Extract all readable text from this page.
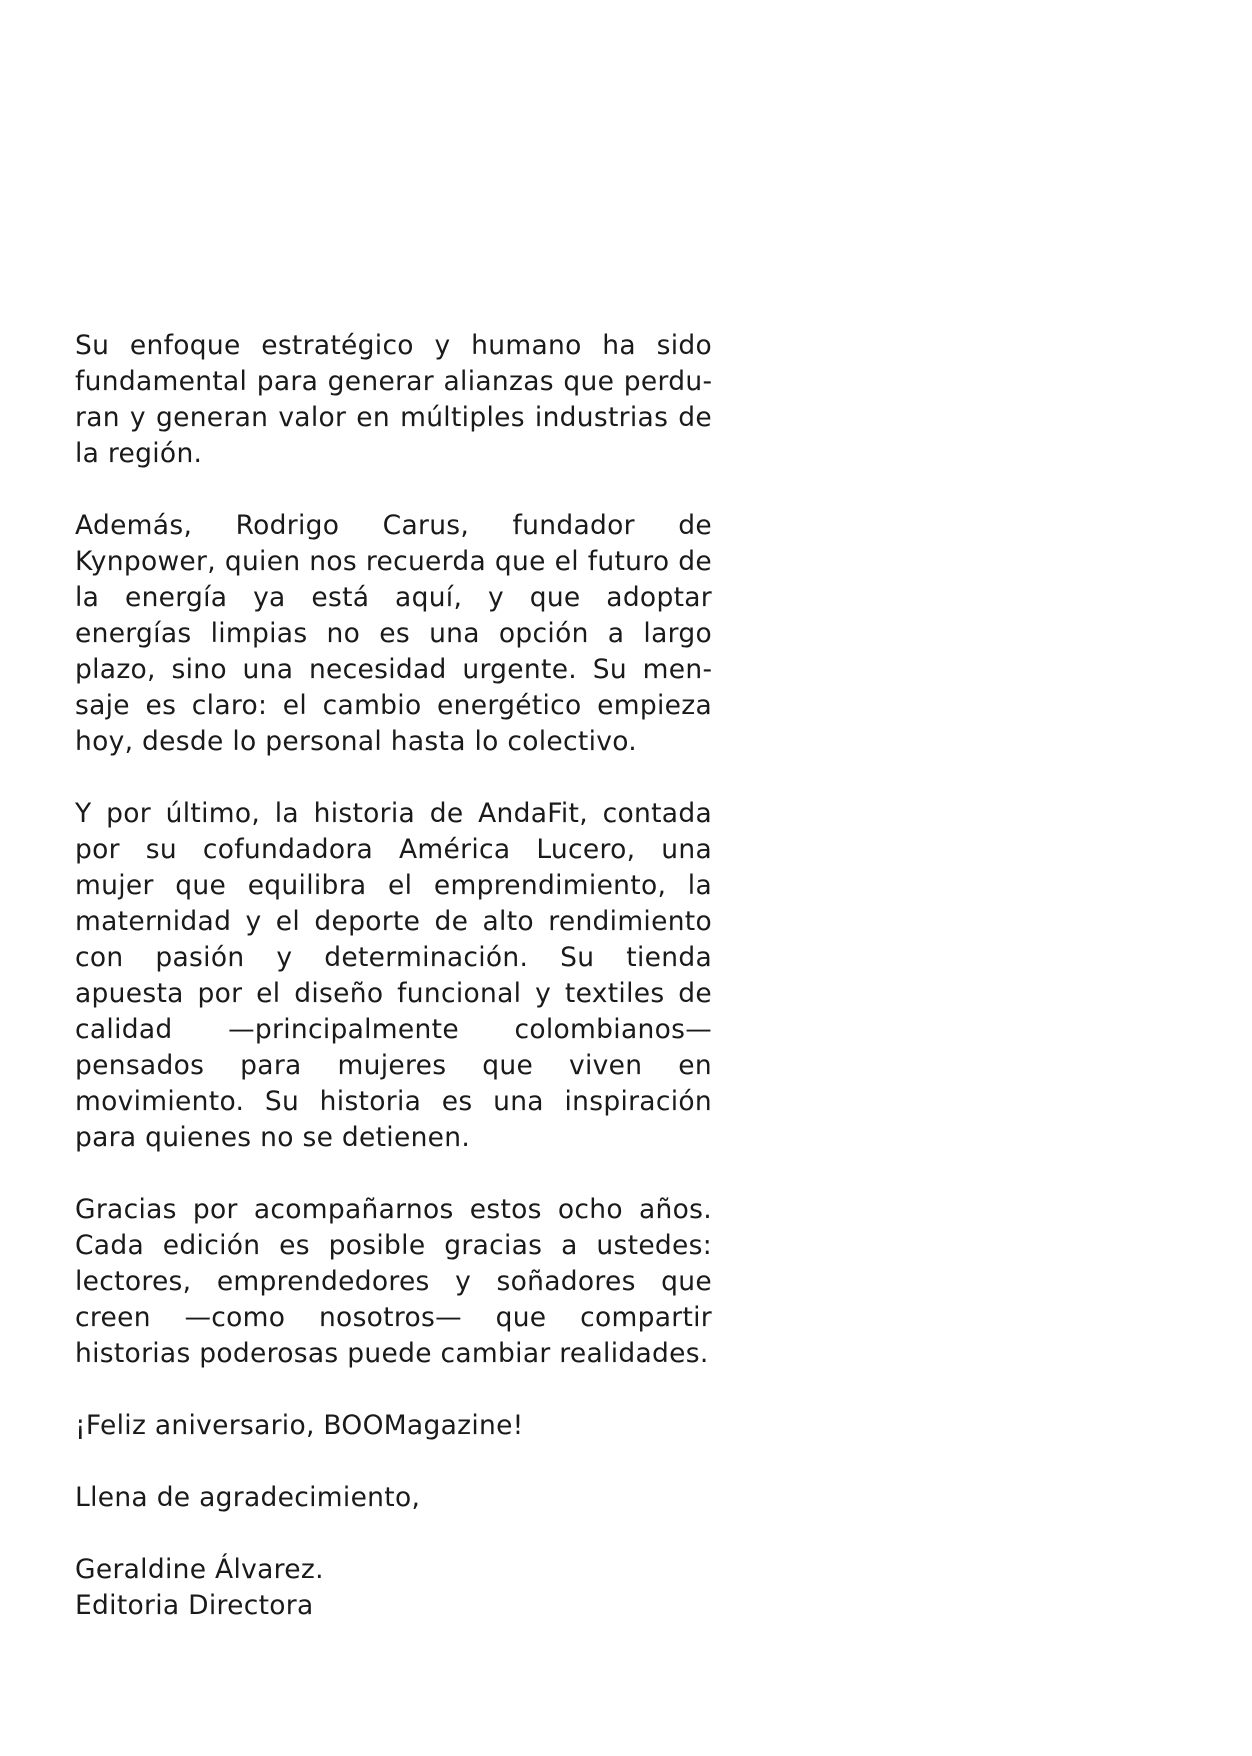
Su enfoque estratégico y humano ha sido fundamental para generar alianzas que perduran y generan valor en múltiples industrias de la región.

Además, Rodrigo Carus, fundador de Kynpower, quien nos recuerda que el futuro de la energía ya está aquí, y que adoptar energías limpias no es una opción a largo plazo, sino una necesidad urgente. Su mensaje es claro: el cambio energético empieza hoy, desde lo personal hasta lo colectivo.

Y por último, la historia de AndaFit, contada por su cofundadora América Lucero, una mujer que equilibra el emprendimiento, la maternidad y el deporte de alto rendimiento con pasión y determinación. Su tienda apuesta por el diseño funcional y textiles de calidad —principalmente colombianos— pensados para mujeres que viven en movimiento. Su historia es una inspiración para quienes no se detienen.

Gracias por acompañarnos estos ocho años. Cada edición es posible gracias a ustedes: lectores, emprendedores y soñadores que creen —como nosotros— que compartir historias poderosas puede cambiar realidades.

¡Feliz aniversario, BOOMagazine!

Llena de agradecimiento,

Geraldine Álvarez.

Editoria Directora
